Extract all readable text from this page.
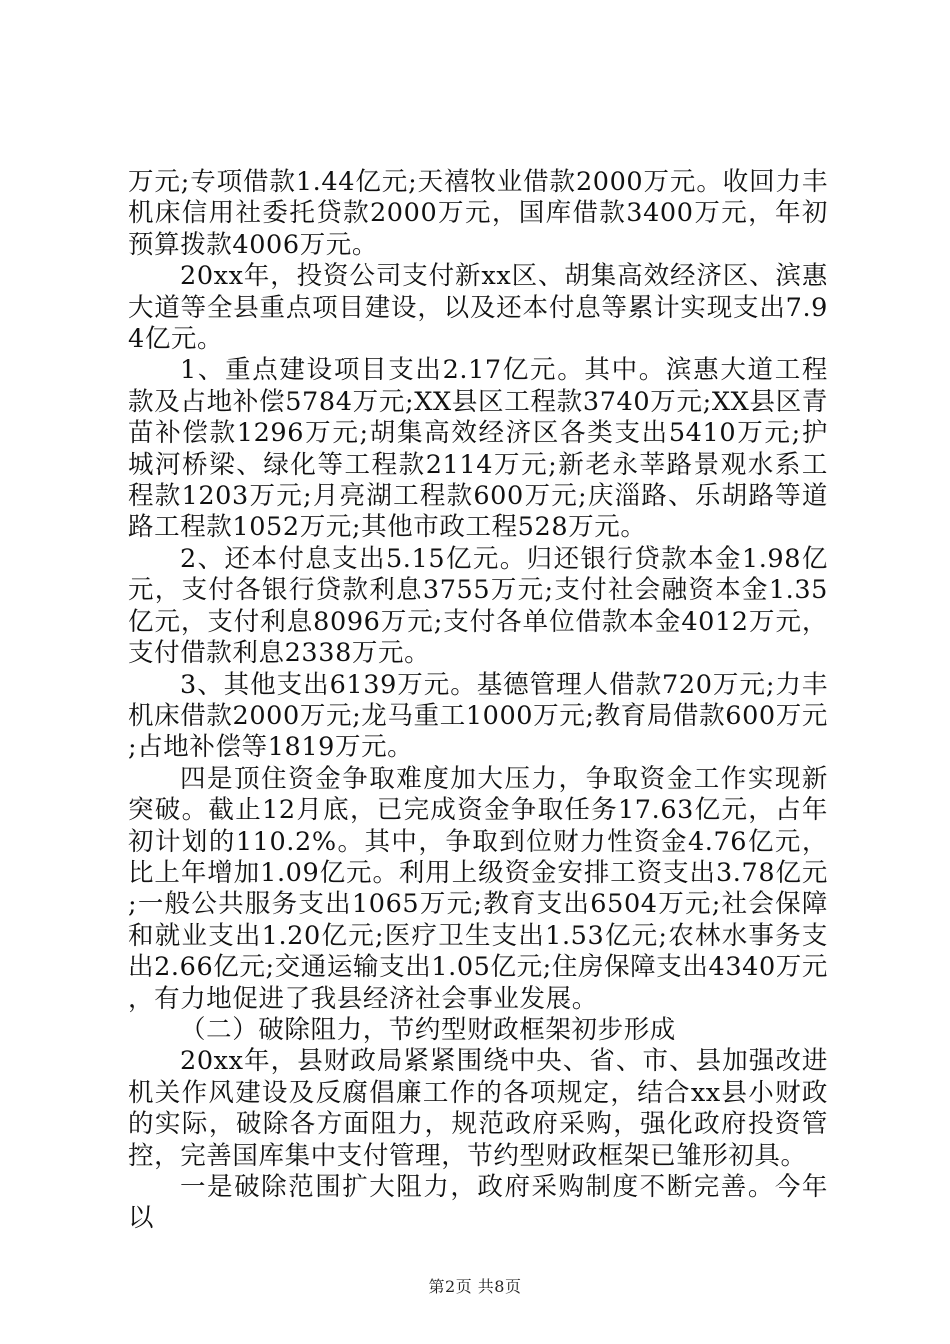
万元;专项借款1.44亿元;天禧牧业借款2000万元。收回力丰机床信用社委托贷款2000万元，国库借款3400万元，年初预算拨款4006万元。

20xx年，投资公司支付新xx区、胡集高效经济区、滨惠大道等全县重点项目建设，以及还本付息等累计实现支出7.94亿元。

1、重点建设项目支出2.17亿元。其中。滨惠大道工程款及占地补偿5784万元;XX县区工程款3740万元;XX县区青苗补偿款1296万元;胡集高效经济区各类支出5410万元;护城河桥梁、绿化等工程款2114万元;新老永莘路景观水系工程款1203万元;月亮湖工程款600万元;庆淄路、乐胡路等道路工程款1052万元;其他市政工程528万元。

2、还本付息支出5.15亿元。归还银行贷款本金1.98亿元，支付各银行贷款利息3755万元;支付社会融资本金1.35亿元，支付利息8096万元;支付各单位借款本金4012万元，支付借款利息2338万元。

3、其他支出6139万元。基德管理人借款720万元;力丰机床借款2000万元;龙马重工1000万元;教育局借款600万元;占地补偿等1819万元。

四是顶住资金争取难度加大压力，争取资金工作实现新突破。截止12月底，已完成资金争取任务17.63亿元，占年初计划的110.2%。其中，争取到位财力性资金4.76亿元，比上年增加1.09亿元。利用上级资金安排工资支出3.78亿元;一般公共服务支出1065万元;教育支出6504万元;社会保障和就业支出1.20亿元;医疗卫生支出1.53亿元;农林水事务支出2.66亿元;交通运输支出1.05亿元;住房保障支出4340万元，有力地促进了我县经济社会事业发展。

（二）破除阻力，节约型财政框架初步形成

20xx年，县财政局紧紧围绕中央、省、市、县加强改进机关作风建设及反腐倡廉工作的各项规定，结合xx县小财政的实际，破除各方面阻力，规范政府采购，强化政府投资管控，完善国库集中支付管理，节约型财政框架已雏形初具。

一是破除范围扩大阻力，政府采购制度不断完善。今年以

第2页 共8页
